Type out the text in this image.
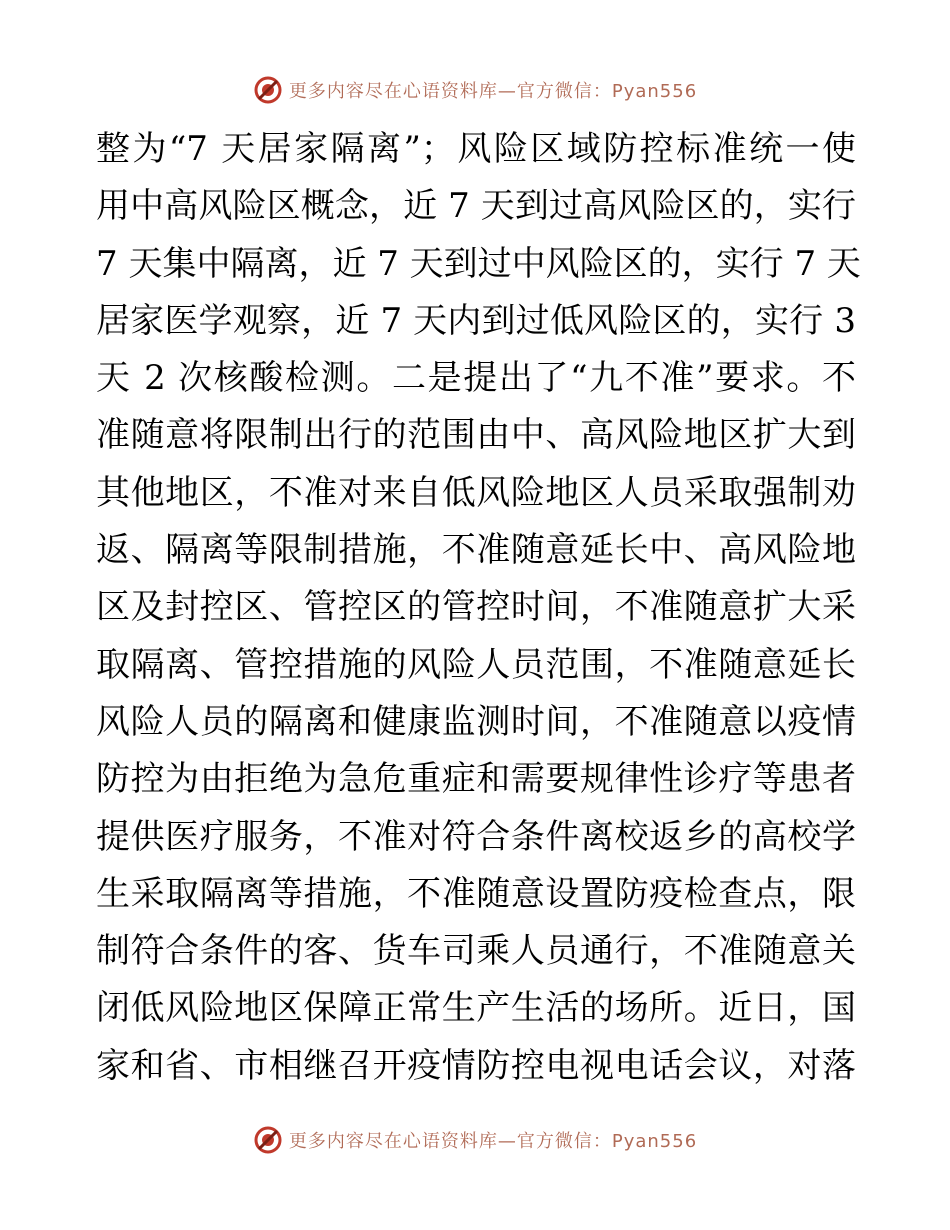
更多内容尽在心语资料库—官方微信：Pyan556
整为“7 天居家隔离”；风险区域防控标准统一使
用中高风险区概念，近 7 天到过高风险区的，实行
7 天集中隔离，近 7 天到过中风险区的，实行 7 天
居家医学观察，近 7 天内到过低风险区的，实行 3
天 2 次核酸检测。二是提出了“九不准”要求。不
准随意将限制出行的范围由中、高风险地区扩大到
其他地区，不准对来自低风险地区人员采取强制劝
返、隔离等限制措施，不准随意延长中、高风险地
区及封控区、管控区的管控时间，不准随意扩大采
取隔离、管控措施的风险人员范围，不准随意延长
风险人员的隔离和健康监测时间，不准随意以疫情
防控为由拒绝为急危重症和需要规律性诊疗等患者
提供医疗服务，不准对符合条件离校返乡的高校学
生采取隔离等措施，不准随意设置防疫检查点，限
制符合条件的客、货车司乘人员通行，不准随意关
闭低风险地区保障正常生产生活的场所。近日，国
家和省、市相继召开疫情防控电视电话会议，对落
更多内容尽在心语资料库—官方微信：Pyan556
